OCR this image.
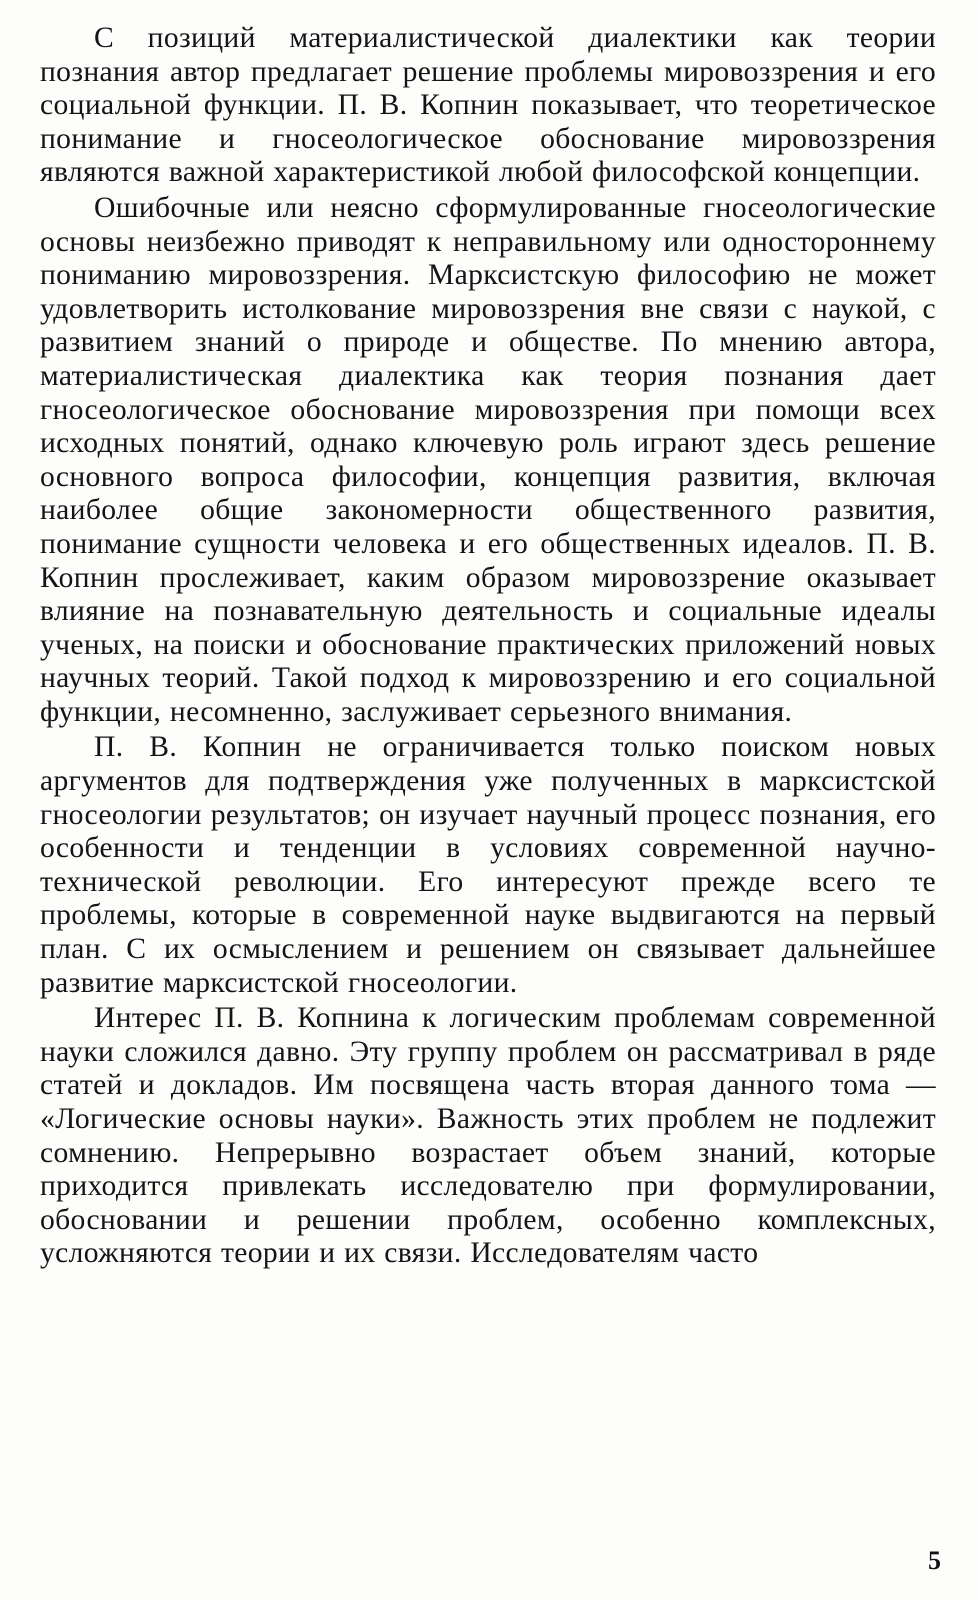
С позиций материалистической диалектики как теории познания автор предлагает решение проблемы мировоззрения и его социальной функции. П. В. Копнин показывает, что теоретическое понимание и гносеологическое обоснование мировоззрения являются важной характеристикой любой философской концепции.

Ошибочные или неясно сформулированные гносеологические основы неизбежно приводят к неправильному или одностороннему пониманию мировоззрения. Марксистскую философию не может удовлетворить истолкование мировоззрения вне связи с наукой, с развитием знаний о природе и обществе. По мнению автора, материалистическая диалектика как теория познания дает гносеологическое обоснование мировоззрения при помощи всех исходных понятий, однако ключевую роль играют здесь решение основного вопроса философии, концепция развития, включая наиболее общие закономерности общественного развития, понимание сущности человека и его общественных идеалов. П. В. Копнин прослеживает, каким образом мировоззрение оказывает влияние на познавательную деятельность и социальные идеалы ученых, на поиски и обоснование практических приложений новых научных теорий. Такой подход к мировоззрению и его социальной функции, несомненно, заслуживает серьезного внимания.

П. В. Копнин не ограничивается только поиском новых аргументов для подтверждения уже полученных в марксистской гносеологии результатов; он изучает научный процесс познания, его особенности и тенденции в условиях современной научно-технической революции. Его интересуют прежде всего те проблемы, которые в современной науке выдвигаются на первый план. С их осмыслением и решением он связывает дальнейшее развитие марксистской гносеологии.

Интерес П. В. Копнина к логическим проблемам современной науки сложился давно. Эту группу проблем он рассматривал в ряде статей и докладов. Им посвящена часть вторая данного тома — «Логические основы науки». Важность этих проблем не подлежит сомнению. Непрерывно возрастает объем знаний, которые приходится привлекать исследователю при формулировании, обосновании и решении проблем, особенно комплексных, усложняются теории и их связи. Исследователям часто

5
